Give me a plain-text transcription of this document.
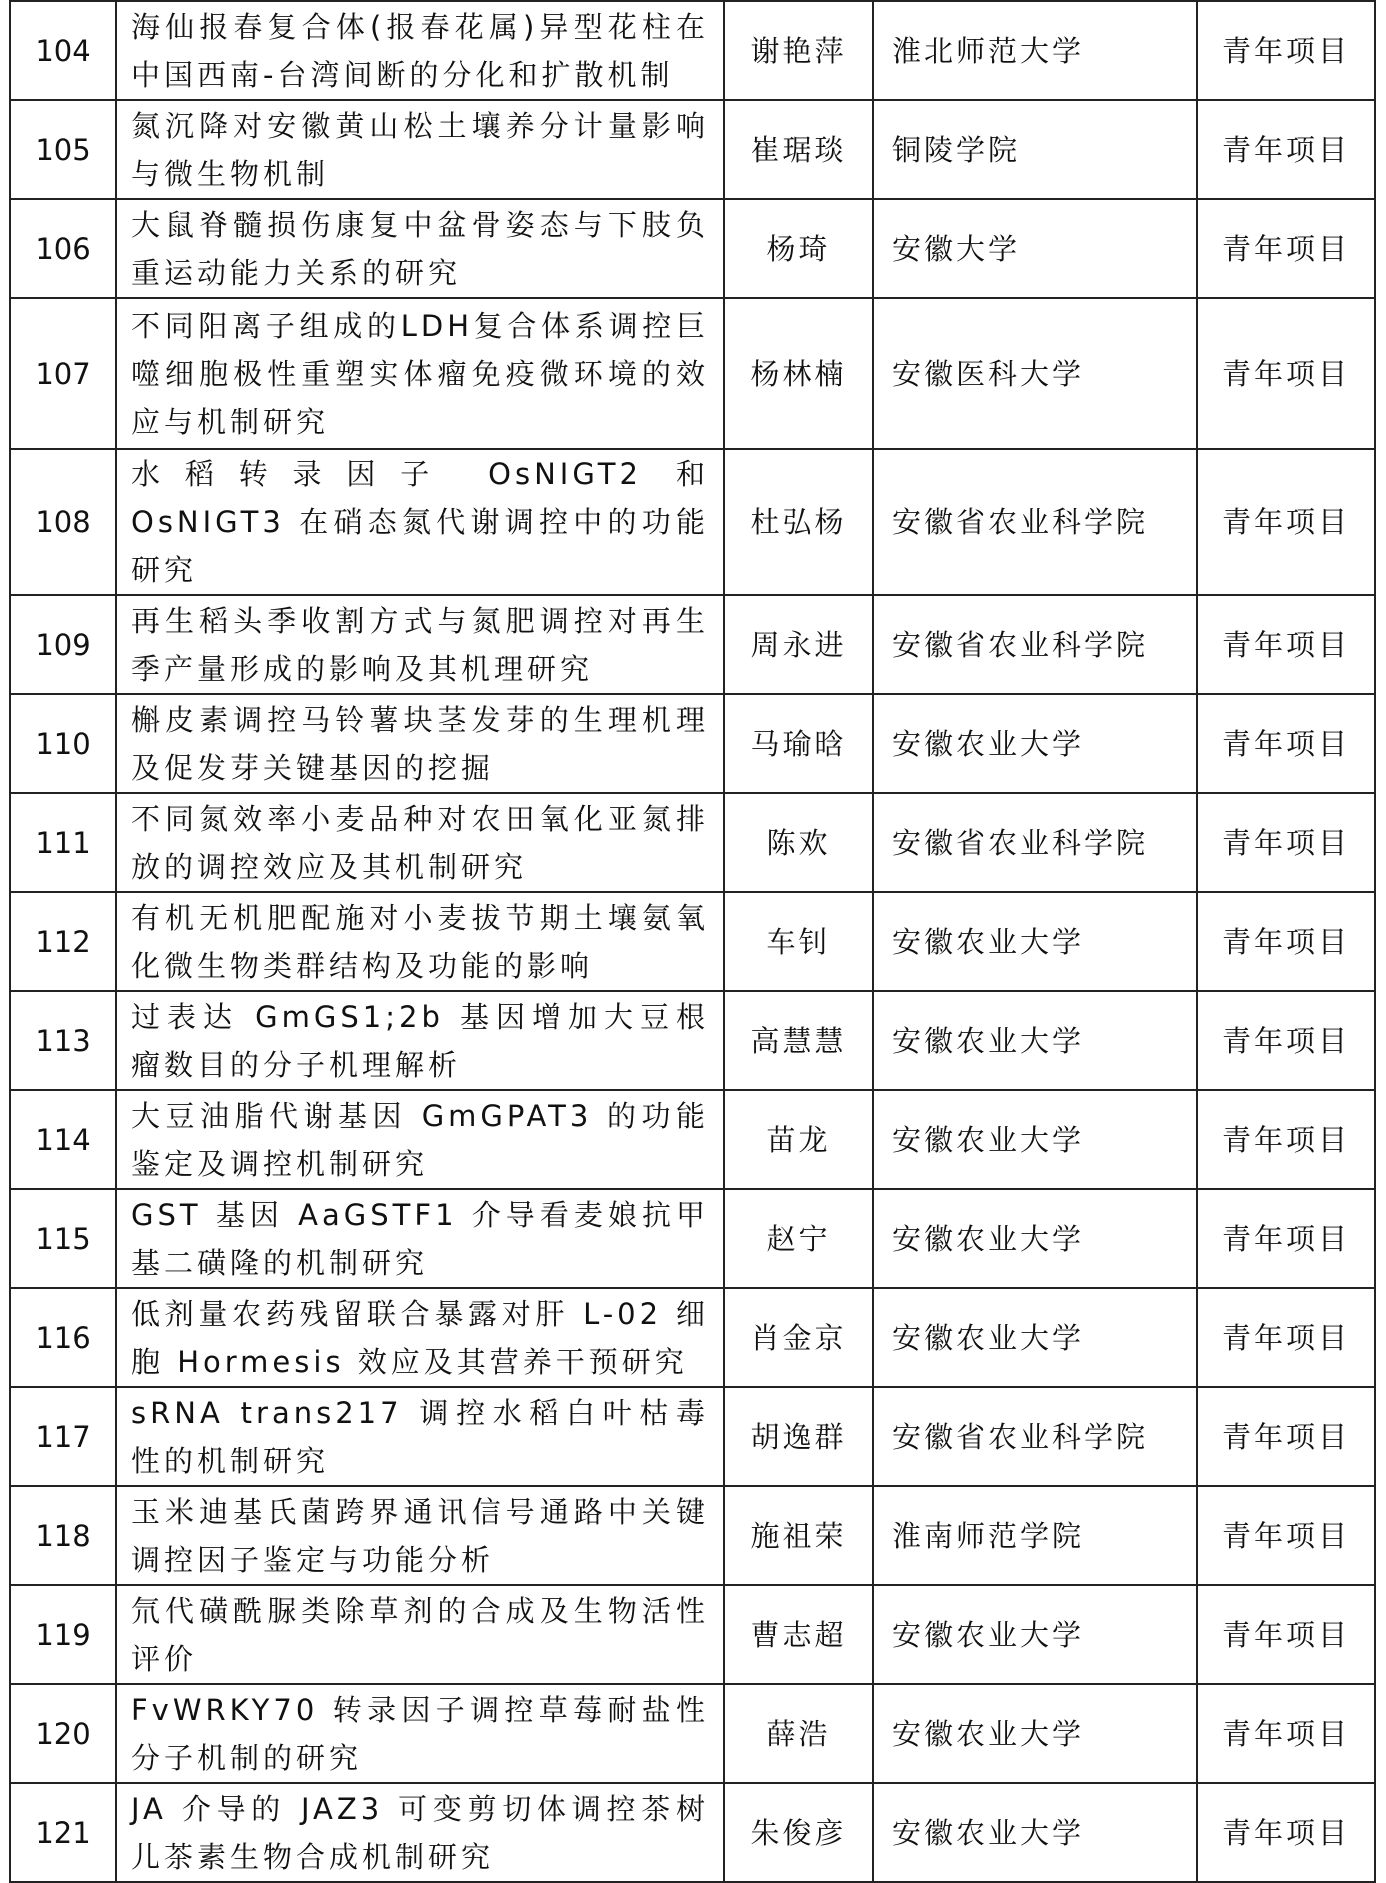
104	海仙报春复合体(报春花属)异型花柱在中国西南-台湾间断的分化和扩散机制	谢艳萍	淮北师范大学	青年项目
105	氮沉降对安徽黄山松土壤养分计量影响与微生物机制	崔琚琰	铜陵学院	青年项目
106	大鼠脊髓损伤康复中盆骨姿态与下肢负重运动能力关系的研究	杨琦	安徽大学	青年项目
107	不同阳离子组成的LDH复合体系调控巨噬细胞极性重塑实体瘤免疫微环境的效应与机制研究	杨林楠	安徽医科大学	青年项目
108	水稻转录因子 OsNIGT2 和 OsNIGT3 在硝态氮代谢调控中的功能研究	杜弘杨	安徽省农业科学院	青年项目
109	再生稻头季收割方式与氮肥调控对再生季产量形成的影响及其机理研究	周永进	安徽省农业科学院	青年项目
110	槲皮素调控马铃薯块茎发芽的生理机理及促发芽关键基因的挖掘	马瑜晗	安徽农业大学	青年项目
111	不同氮效率小麦品种对农田氧化亚氮排放的调控效应及其机制研究	陈欢	安徽省农业科学院	青年项目
112	有机无机肥配施对小麦拔节期土壤氨氧化微生物类群结构及功能的影响	车钊	安徽农业大学	青年项目
113	过表达 GmGS1;2b 基因增加大豆根瘤数目的分子机理解析	高慧慧	安徽农业大学	青年项目
114	大豆油脂代谢基因 GmGPAT3 的功能鉴定及调控机制研究	苗龙	安徽农业大学	青年项目
115	GST 基因 AaGSTF1 介导看麦娘抗甲基二磺隆的机制研究	赵宁	安徽农业大学	青年项目
116	低剂量农药残留联合暴露对肝 L-02 细胞 Hormesis 效应及其营养干预研究	肖金京	安徽农业大学	青年项目
117	sRNA trans217 调控水稻白叶枯毒性的机制研究	胡逸群	安徽省农业科学院	青年项目
118	玉米迪基氏菌跨界通讯信号通路中关键调控因子鉴定与功能分析	施祖荣	淮南师范学院	青年项目
119	氘代磺酰脲类除草剂的合成及生物活性评价	曹志超	安徽农业大学	青年项目
120	FvWRKY70 转录因子调控草莓耐盐性分子机制的研究	薛浩	安徽农业大学	青年项目
121	JA 介导的 JAZ3 可变剪切体调控茶树儿茶素生物合成机制研究	朱俊彦	安徽农业大学	青年项目
